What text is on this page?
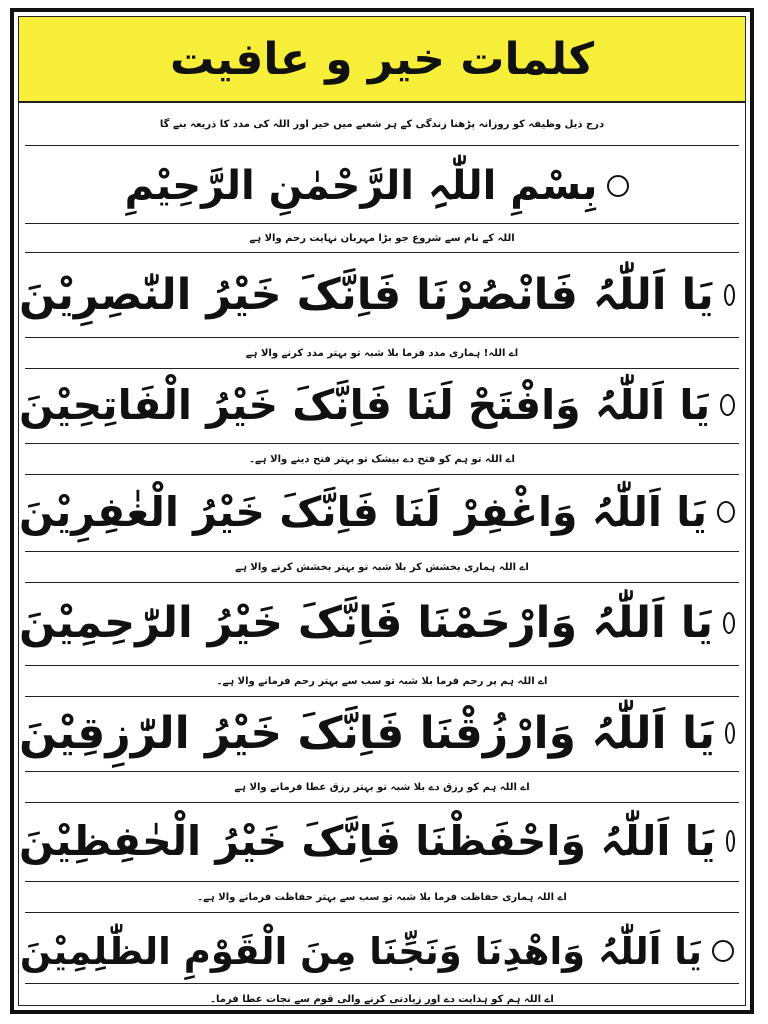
کلمات خیر و عافیت
درج ذیل وظیفہ کو روزانہ پڑھنا زندگی کے ہر شعبے میں خیر اور اللہ کی مدد کا ذریعہ بنے گا
بِسْمِ اللّٰہِ الرَّحْمٰنِ الرَّحِیْمِ
اللہ کے نام سے شروع جو بڑا مہربان نہایت رحم والا ہے
یَا اَللّٰہُ فَانْصُرْنَا فَاِنَّکَ خَیْرُ النّٰصِرِیْنَ
اے اللہ! ہماری مدد فرما بلا شبہ تو بہتر مدد کرنے والا ہے
یَا اَللّٰہُ وَافْتَحْ لَنَا فَاِنَّکَ خَیْرُ الْفَاتِحِیْنَ
اے اللہ تو ہم کو فتح دے بیشک تو بہتر فتح دینے والا ہے۔
یَا اَللّٰہُ وَاغْفِرْ لَنَا فَاِنَّکَ خَیْرُ الْغٰفِرِیْنَ
اے اللہ ہماری بخشش کر بلا شبہ تو بہتر بخشش کرنے والا ہے
یَا اَللّٰہُ وَارْحَمْنَا فَاِنَّکَ خَیْرُ الرّٰحِمِیْنَ
اے اللہ ہم پر رحم فرما بلا شبہ تو سب سے بہتر رحم فرمانے والا ہے۔
یَا اَللّٰہُ وَارْزُقْنَا فَاِنَّکَ خَیْرُ الرّٰزِقِیْنَ
اے اللہ ہم کو رزق دے بلا شبہ تو بہتر رزق عطا فرمانے والا ہے
یَا اَللّٰہُ وَاحْفَظْنَا فَاِنَّکَ خَیْرُ الْحٰفِظِیْنَ
اے اللہ ہماری حفاظت فرما بلا شبہ تو سب سے بہتر حفاظت فرمانے والا ہے۔
یَا اَللّٰہُ وَاھْدِنَا وَنَجِّنَا مِنَ الْقَوْمِ الظّٰلِمِیْنَ
اے اللہ ہم کو ہدایت دے اور زیادتی کرنے والی قوم سے نجات عطا فرما۔
